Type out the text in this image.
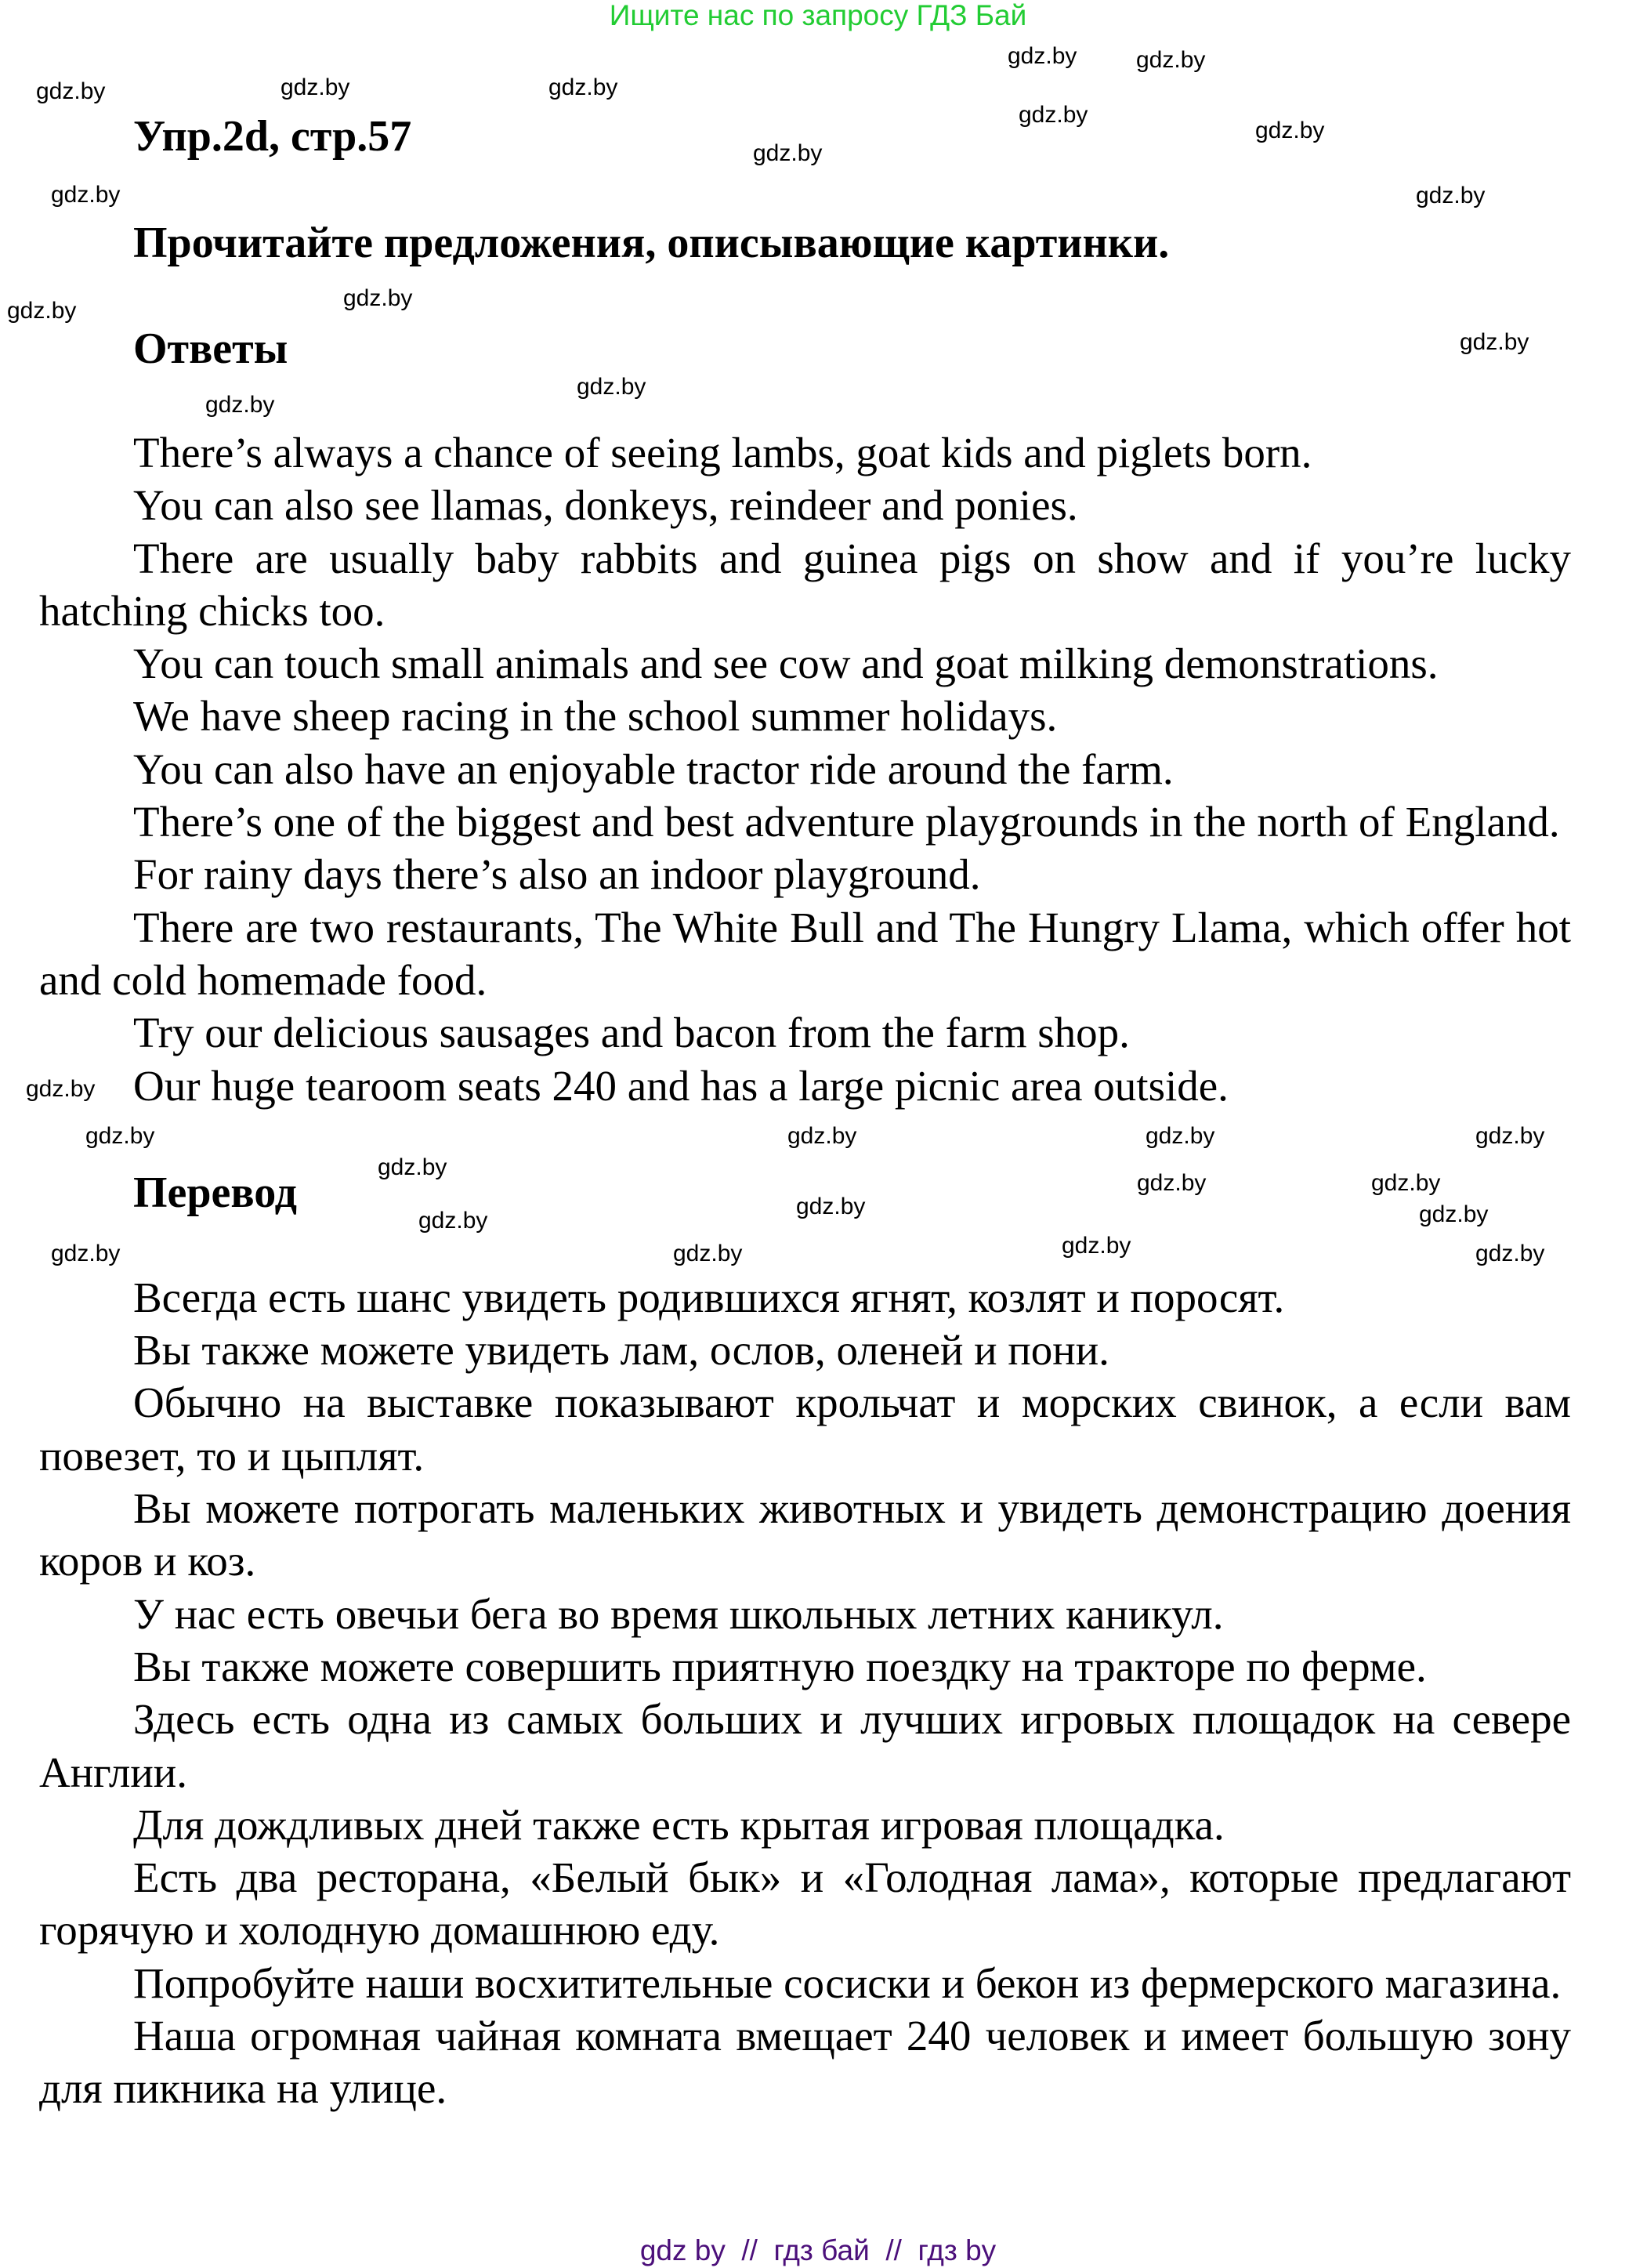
Ищите нас по запросу ГДЗ Бай
gdz.by
gdz.by
gdz.by
gdz.by
gdz.by
gdz.by
gdz.by
gdz.by
gdz.by
gdz.by
gdz.by
gdz.by
gdz.by
gdz.by
gdz.by
Упр.2d, стр.57
Прочитайте предложения, описывающие картинки.
Ответы

There’s always a chance of seeing lambs, goat kids and piglets born.

You can also see llamas, donkeys, reindeer and ponies.

There are usually baby rabbits and guinea pigs on show and if you’re lucky hatching chicks too.

You can touch small animals and see cow and goat milking demonstrations.

We have sheep racing in the school summer holidays.

You can also have an enjoyable tractor ride around the farm.

There’s one of the biggest and best adventure playgrounds in the north of England.

For rainy days there’s also an indoor playground.

There are two restaurants, The White Bull and The Hungry Llama, which offer hot and cold homemade food.

Try our delicious sausages and bacon from the farm shop.

Our huge tearoom seats 240 and has a large picnic area outside.

Перевод
gdz.by
gdz.by	gdz.by	gdz.by	gdz.by
gdz.by
gdz.by	gdz.by
gdz.by	gdz.by
gdz.by
gdz.by
gdz.by	gdz.by
gdz.by

Всегда есть шанс увидеть родившихся ягнят, козлят и поросят.

Вы также можете увидеть лам, ослов, оленей и пони.

Обычно на выставке показывают крольчат и морских свинок, а если вам повезет, то и цыплят.

Вы можете потрогать маленьких животных и увидеть демонстрацию доения коров и коз.

У нас есть овечьи бега во время школьных летних каникул.

Вы также можете совершить приятную поездку на тракторе по ферме.

Здесь есть одна из самых больших и лучших игровых площадок на севере Англии.

Для дождливых дней также есть крытая игровая площадка.

Есть два ресторана, «Белый бык» и «Голодная лама», которые предлагают горячую и холодную домашнюю еду.

Попробуйте наши восхитительные сосиски и бекон из фермерского магазина.

Наша огромная чайная комната вмещает 240 человек и имеет большую зону для пикника на улице.

gdz by  //  гдз бай  //  гдз by
